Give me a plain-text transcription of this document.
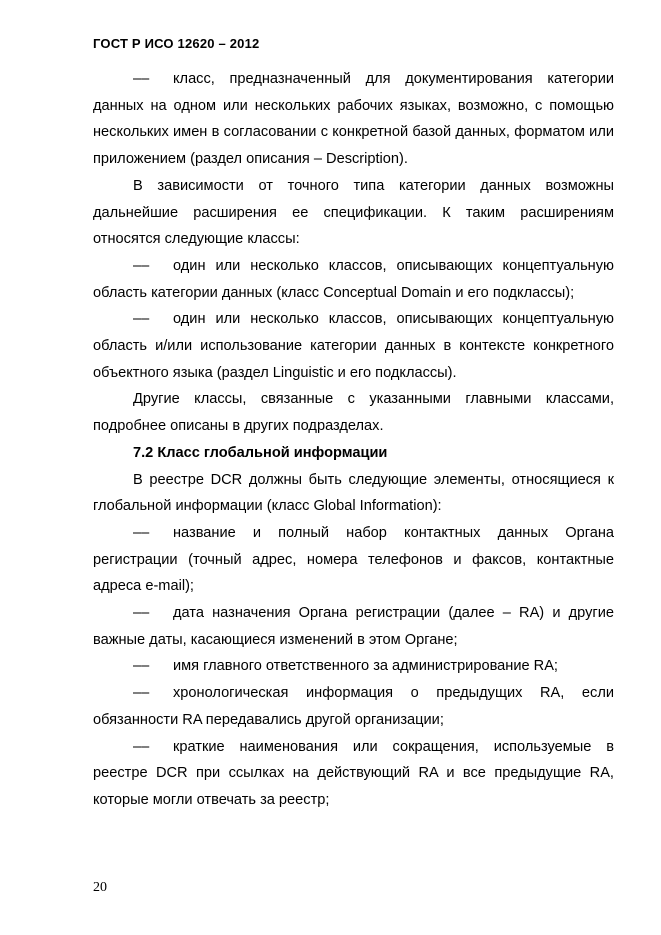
ГОСТ Р ИСО 12620 – 2012

–– класс, предназначенный для документирования категории данных на одном или нескольких рабочих языках, возможно, с помощью нескольких имен в согласовании с конкретной базой данных, форматом или приложением (раздел описания – Description).

В зависимости от точного типа категории данных возможны дальнейшие расширения ее спецификации. К таким расширениям относятся следующие классы:

–– один или несколько классов, описывающих концептуальную область категории данных (класс Conceptual Domain и его подклассы);

–– один или несколько классов, описывающих концептуальную область и/или использование категории данных в контексте конкретного объектного языка (раздел Linguistic и его подклассы).

Другие классы, связанные с указанными главными классами, подробнее описаны в других подразделах.

7.2 Класс глобальной информации

В реестре DCR должны быть следующие элементы, относящиеся к глобальной информации (класс Global Information):

–– название и полный набор контактных данных Органа регистрации (точный адрес, номера телефонов и факсов, контактные адреса e-mail);

–– дата назначения Органа регистрации (далее – RA) и другие важные даты, касающиеся изменений в этом Органе;

–– имя главного ответственного за администрирование RA;

–– хронологическая информация о предыдущих RA, если обязанности RA передавались другой организации;

–– краткие наименования или сокращения, используемые в реестре DCR при ссылках на действующий RA и все предыдущие RA, которые могли отвечать за реестр;

20
